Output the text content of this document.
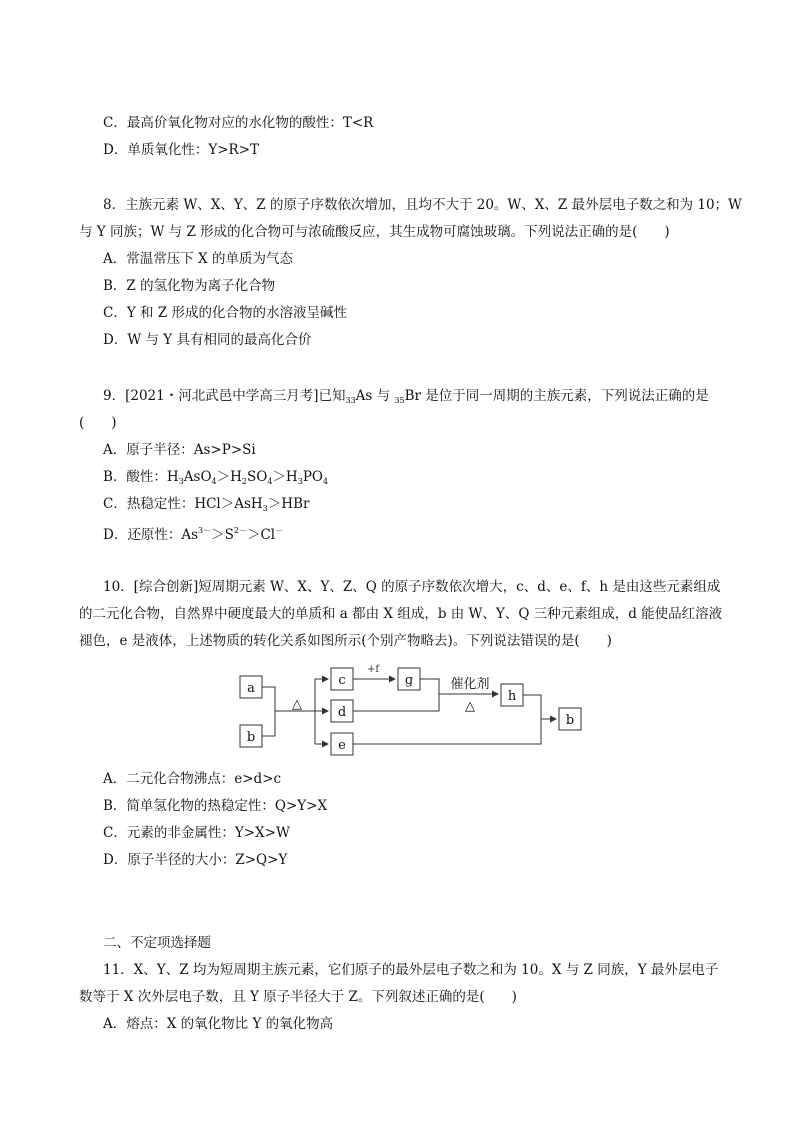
C．最高价氧化物对应的水化物的酸性：T<R
D．单质氧化性：Y>R>T
8．主族元素 W、X、Y、Z 的原子序数依次增加，且均不大于 20。W、X、Z 最外层电子数之和为 10；W
与 Y 同族；W 与 Z 形成的化合物可与浓硫酸反应，其生成物可腐蚀玻璃。下列说法正确的是(　　)
A．常温常压下 X 的单质为气态
B．Z 的氢化物为离子化合物
C．Y 和 Z 形成的化合物的水溶液呈碱性
D．W 与 Y 具有相同的最高化合价
9．[2021・河北武邑中学高三月考]已知$_{33}$As 与 $_{35}$Br 是位于同一周期的主族元素，下列说法正确的是
(　　)
A．原子半径：As>P>Si
B．酸性：$H_3AsO_4>H_2SO_4>H_3PO_4$
C．热稳定性：HCl＞AsH$_3$＞HBr
D．还原性：$As^{3-}>S^{2-}>Cl^-$
10．[综合创新]短周期元素 W、X、Y、Z、Q 的原子序数依次增大，c、d、e、f、h 是由这些元素组成
的二元化合物，自然界中硬度最大的单质和 a 都由 X 组成，b 由 W、Y、Q 三种元素组成，d 能使品红溶液
褪色，e 是液体，上述物质的转化关系如图所示(个别产物略去)。下列说法错误的是(　　)
a
b
△
c
d
e
+f
g	催化剂
△
h
b
A．二元化合物沸点：e>d>c
B．简单氢化物的热稳定性：Q>Y>X
C．元素的非金属性：Y>X>W
D．原子半径的大小：Z>Q>Y
二、不定项选择题
11．X、Y、Z 均为短周期主族元素，它们原子的最外层电子数之和为 10。X 与 Z 同族，Y 最外层电子
数等于 X 次外层电子数，且 Y 原子半径大于 Z。下列叙述正确的是(　　)
A．熔点：X 的氧化物比 Y 的氧化物高
